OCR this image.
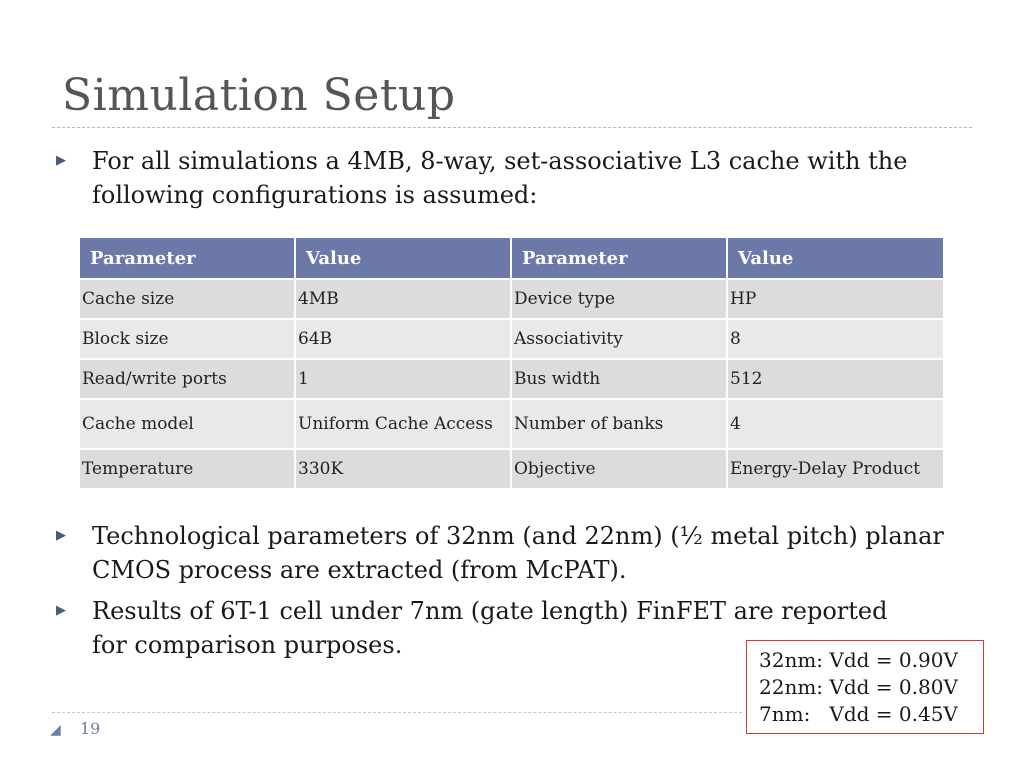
Simulation Setup
▶ For all simulations a 4MB, 8-way, set-associative L3 cache with the following configurations is assumed:
Parameter	Value	Parameter	Value
Cache size	4MB	Device type	HP
Block size	64B	Associativity	8
Read/write ports	1	Bus width	512
Cache model	Uniform Cache Access	Number of banks	4
Temperature	330K	Objective	Energy-Delay Product
▶ Technological parameters of 32nm (and 22nm) (½ metal pitch) planar CMOS process are extracted (from McPAT).
▶ Results of 6T-1 cell under 7nm (gate length) FinFET are reported for comparison purposes.
32nm: Vdd = 0.90V
22nm: Vdd = 0.80V
7nm:   Vdd = 0.45V
◢ 19
